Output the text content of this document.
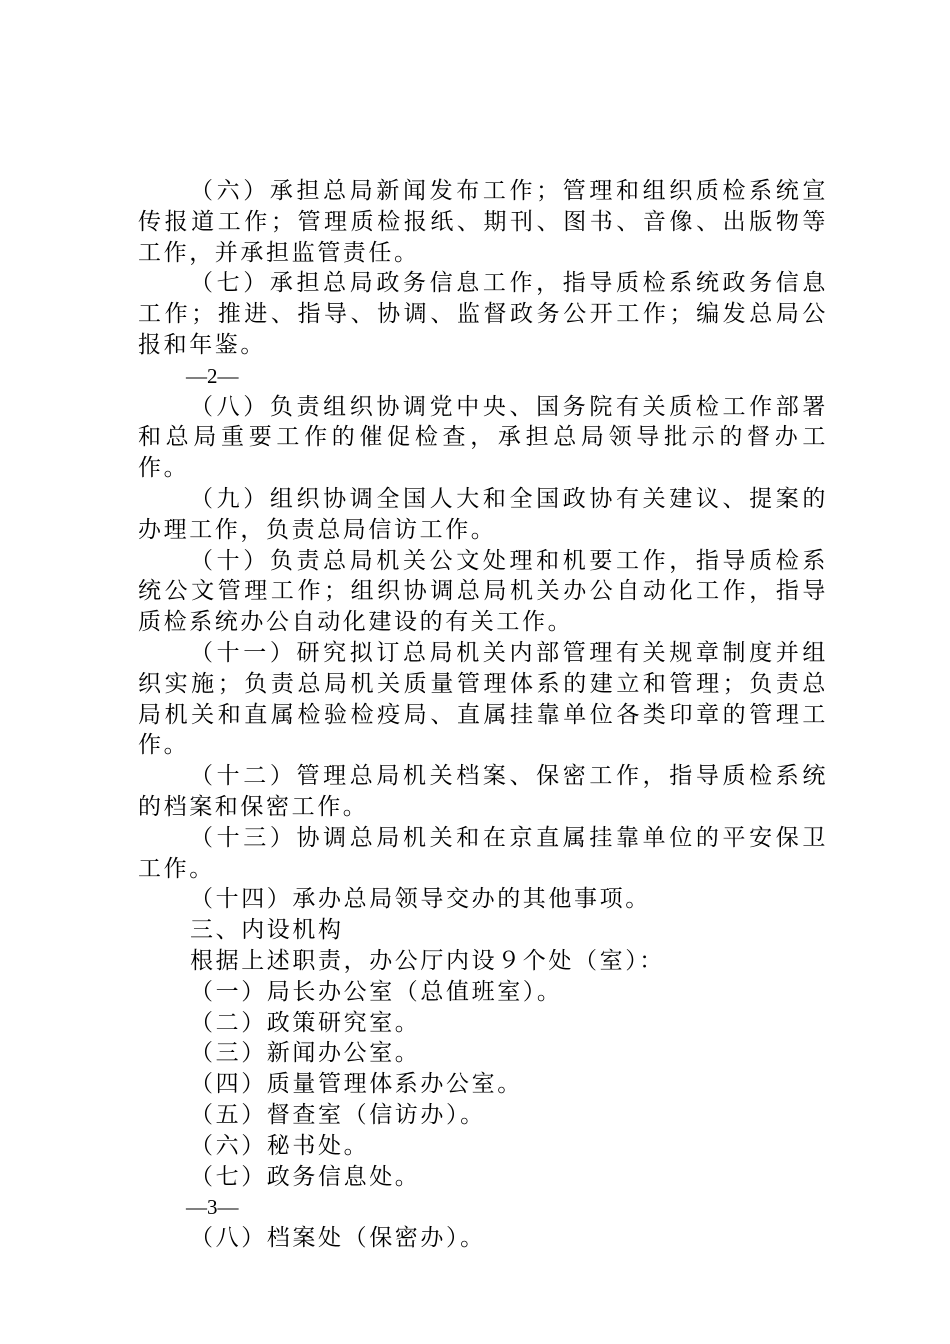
（六）承担总局新闻发布工作；管理和组织质检系统宣传报道工作；管理质检报纸、期刊、图书、音像、出版物等工作，并承担监管责任。

（七）承担总局政务信息工作，指导质检系统政务信息工作；推进、指导、协调、监督政务公开工作；编发总局公报和年鉴。

—2—

（八）负责组织协调党中央、国务院有关质检工作部署和总局重要工作的催促检查，承担总局领导批示的督办工作。

（九）组织协调全国人大和全国政协有关建议、提案的办理工作，负责总局信访工作。

（十）负责总局机关公文处理和机要工作，指导质检系统公文管理工作；组织协调总局机关办公自动化工作，指导质检系统办公自动化建设的有关工作。

（十一）研究拟订总局机关内部管理有关规章制度并组织实施；负责总局机关质量管理体系的建立和管理；负责总局机关和直属检验检疫局、直属挂靠单位各类印章的管理工作。

（十二）管理总局机关档案、保密工作，指导质检系统的档案和保密工作。

（十三）协调总局机关和在京直属挂靠单位的平安保卫工作。

（十四）承办总局领导交办的其他事项。

三、内设机构

根据上述职责，办公厅内设９个处（室）：

（一）局长办公室（总值班室）。

（二）政策研究室。

（三）新闻办公室。

（四）质量管理体系办公室。

（五）督查室（信访办）。

（六）秘书处。

（七）政务信息处。

—3—

（八）档案处（保密办）。
